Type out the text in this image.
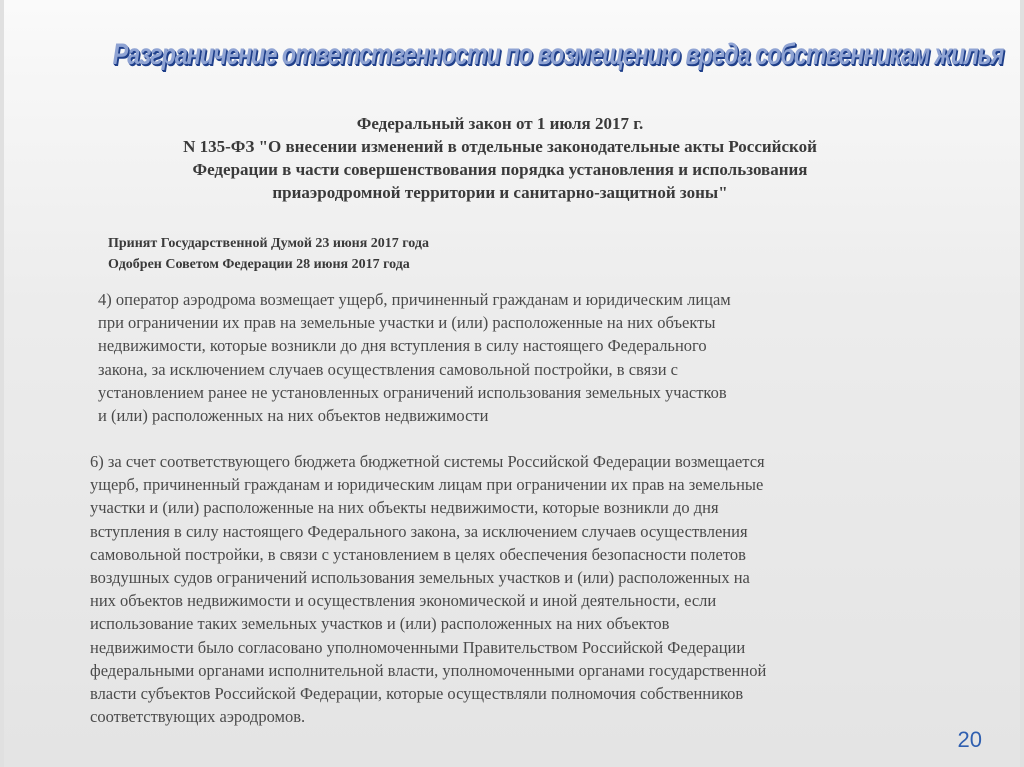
Разграничение ответственности по возмещению вреда собственникам жилья
Федеральный закон от 1 июля 2017 г.
N 135-ФЗ "О внесении изменений в отдельные законодательные акты Российской
Федерации в части совершенствования порядка установления и использования
приаэродромной территории и санитарно-защитной зоны"
Принят Государственной Думой 23 июня 2017 года
Одобрен Советом Федерации 28 июня 2017 года
4) оператор аэродрома возмещает ущерб, причиненный гражданам и юридическим лицам
при ограничении их прав на земельные участки и (или) расположенные на них объекты
недвижимости, которые возникли до дня вступления в силу настоящего Федерального
закона, за исключением случаев осуществления самовольной постройки, в связи с
установлением ранее не установленных ограничений использования земельных участков
и (или) расположенных на них объектов недвижимости
6) за счет соответствующего бюджета бюджетной системы Российской Федерации возмещается
ущерб, причиненный гражданам и юридическим лицам при ограничении их прав на земельные
участки и (или) расположенные на них объекты недвижимости, которые возникли до дня
вступления в силу настоящего Федерального закона, за исключением случаев осуществления
самовольной постройки, в связи с установлением в целях обеспечения безопасности полетов
воздушных судов ограничений использования земельных участков и (или) расположенных на
них объектов недвижимости и осуществления экономической и иной деятельности, если
использование таких земельных участков и (или) расположенных на них объектов
недвижимости было согласовано уполномоченными Правительством Российской Федерации
федеральными органами исполнительной власти, уполномоченными органами государственной
власти субъектов Российской Федерации, которые осуществляли полномочия собственников
соответствующих аэродромов.
20
